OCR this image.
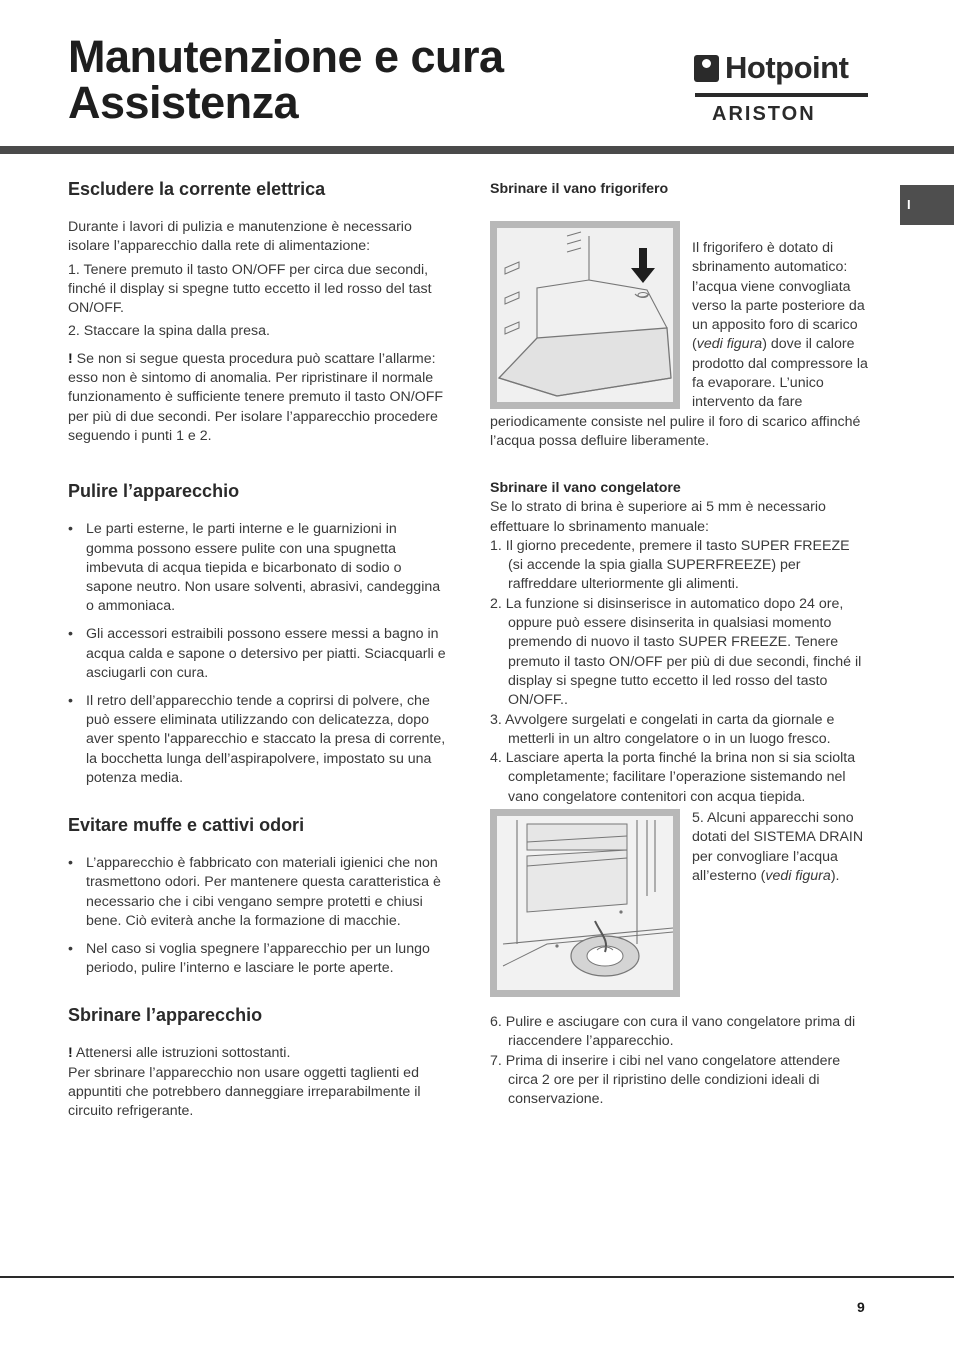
Manutenzione e cura
Assistenza
Hotpoint
ARISTON
I
Escludere la corrente elettrica

Durante i lavori di pulizia e manutenzione è necessario isolare l’apparecchio dalla rete di alimentazione:

1. Tenere premuto il tasto ON/OFF per circa due secondi, finché il display si spegne tutto eccetto il led rosso del tast ON/OFF.

2. Staccare la spina dalla presa.

! Se non si segue questa procedura può scattare l’allarme: esso non è sintomo di anomalia. Per ripristinare il normale funzionamento è sufficiente tenere premuto il tasto ON/OFF per più di due secondi. Per isolare l’apparecchio procedere seguendo i punti 1 e 2.

Pulire l’apparecchio
• Le parti esterne, le parti interne e le guarnizioni in gomma possono essere pulite con una spugnetta imbevuta di acqua tiepida e bicarbonato di sodio o sapone neutro. Non usare solventi, abrasivi, candeggina o ammoniaca.
• Gli accessori estraibili possono essere messi a bagno in acqua calda e sapone o detersivo per piatti. Sciacquarli e asciugarli con cura.
• Il retro dell’apparecchio tende a coprirsi di polvere, che può essere eliminata utilizzando con delicatezza, dopo aver spento l'apparecchio e staccato la presa di corrente, la bocchetta lunga dell’aspirapolvere, impostato su una potenza media.
Evitare muffe e cattivi odori
• L’apparecchio è fabbricato con materiali igienici che non trasmettono odori. Per mantenere questa caratteristica è necessario che i cibi vengano sempre protetti e chiusi bene. Ciò eviterà anche la formazione di macchie.
• Nel caso si voglia spegnere l’apparecchio per un lungo periodo, pulire l’interno e lasciare le porte aperte.
Sbrinare l’apparecchio

! Attenersi alle istruzioni sottostanti.

Per sbrinare l’apparecchio non usare oggetti taglienti ed appuntiti che potrebbero danneggiare irreparabilmente il circuito refrigerante.

Sbrinare il vano frigorifero

Il frigorifero è dotato di sbrinamento automatico: l’acqua viene convogliata verso la parte posteriore da un apposito foro di scarico (vedi figura) dove il calore prodotto dal compressore la fa evaporare. L’unico intervento da fare periodicamente consiste nel pulire il foro di scarico affinché l’acqua possa defluire liberamente.

Sbrinare il vano congelatore

Se lo strato di brina è superiore ai 5 mm è necessario effettuare lo sbrinamento manuale:

1. Il giorno precedente, premere il tasto SUPER FREEZE (si accende la spia gialla SUPERFREEZE) per raffreddare ulteriormente gli alimenti.
2. La funzione si disinserisce in automatico dopo 24 ore, oppure può essere disinserita in qualsiasi momento premendo di nuovo il tasto SUPER FREEZE. Tenere premuto il tasto ON/OFF per più di due secondi, finché il display si spegne tutto eccetto il led rosso del tasto ON/OFF..
3. Avvolgere surgelati e congelati in carta da giornale e metterli in un altro congelatore o in un luogo fresco.
4. Lasciare aperta la porta finché la brina non si sia sciolta completamente; facilitare l’operazione sistemando nel vano congelatore contenitori con acqua tiepida.

5. Alcuni apparecchi sono dotati del SISTEMA DRAIN per convogliare l’acqua all’esterno (vedi figura).

6. Pulire e asciugare con cura il vano congelatore prima di riaccendere l’apparecchio.
7. Prima di inserire i cibi nel vano congelatore attendere circa 2 ore per il ripristino delle condizioni ideali di conservazione.
9
